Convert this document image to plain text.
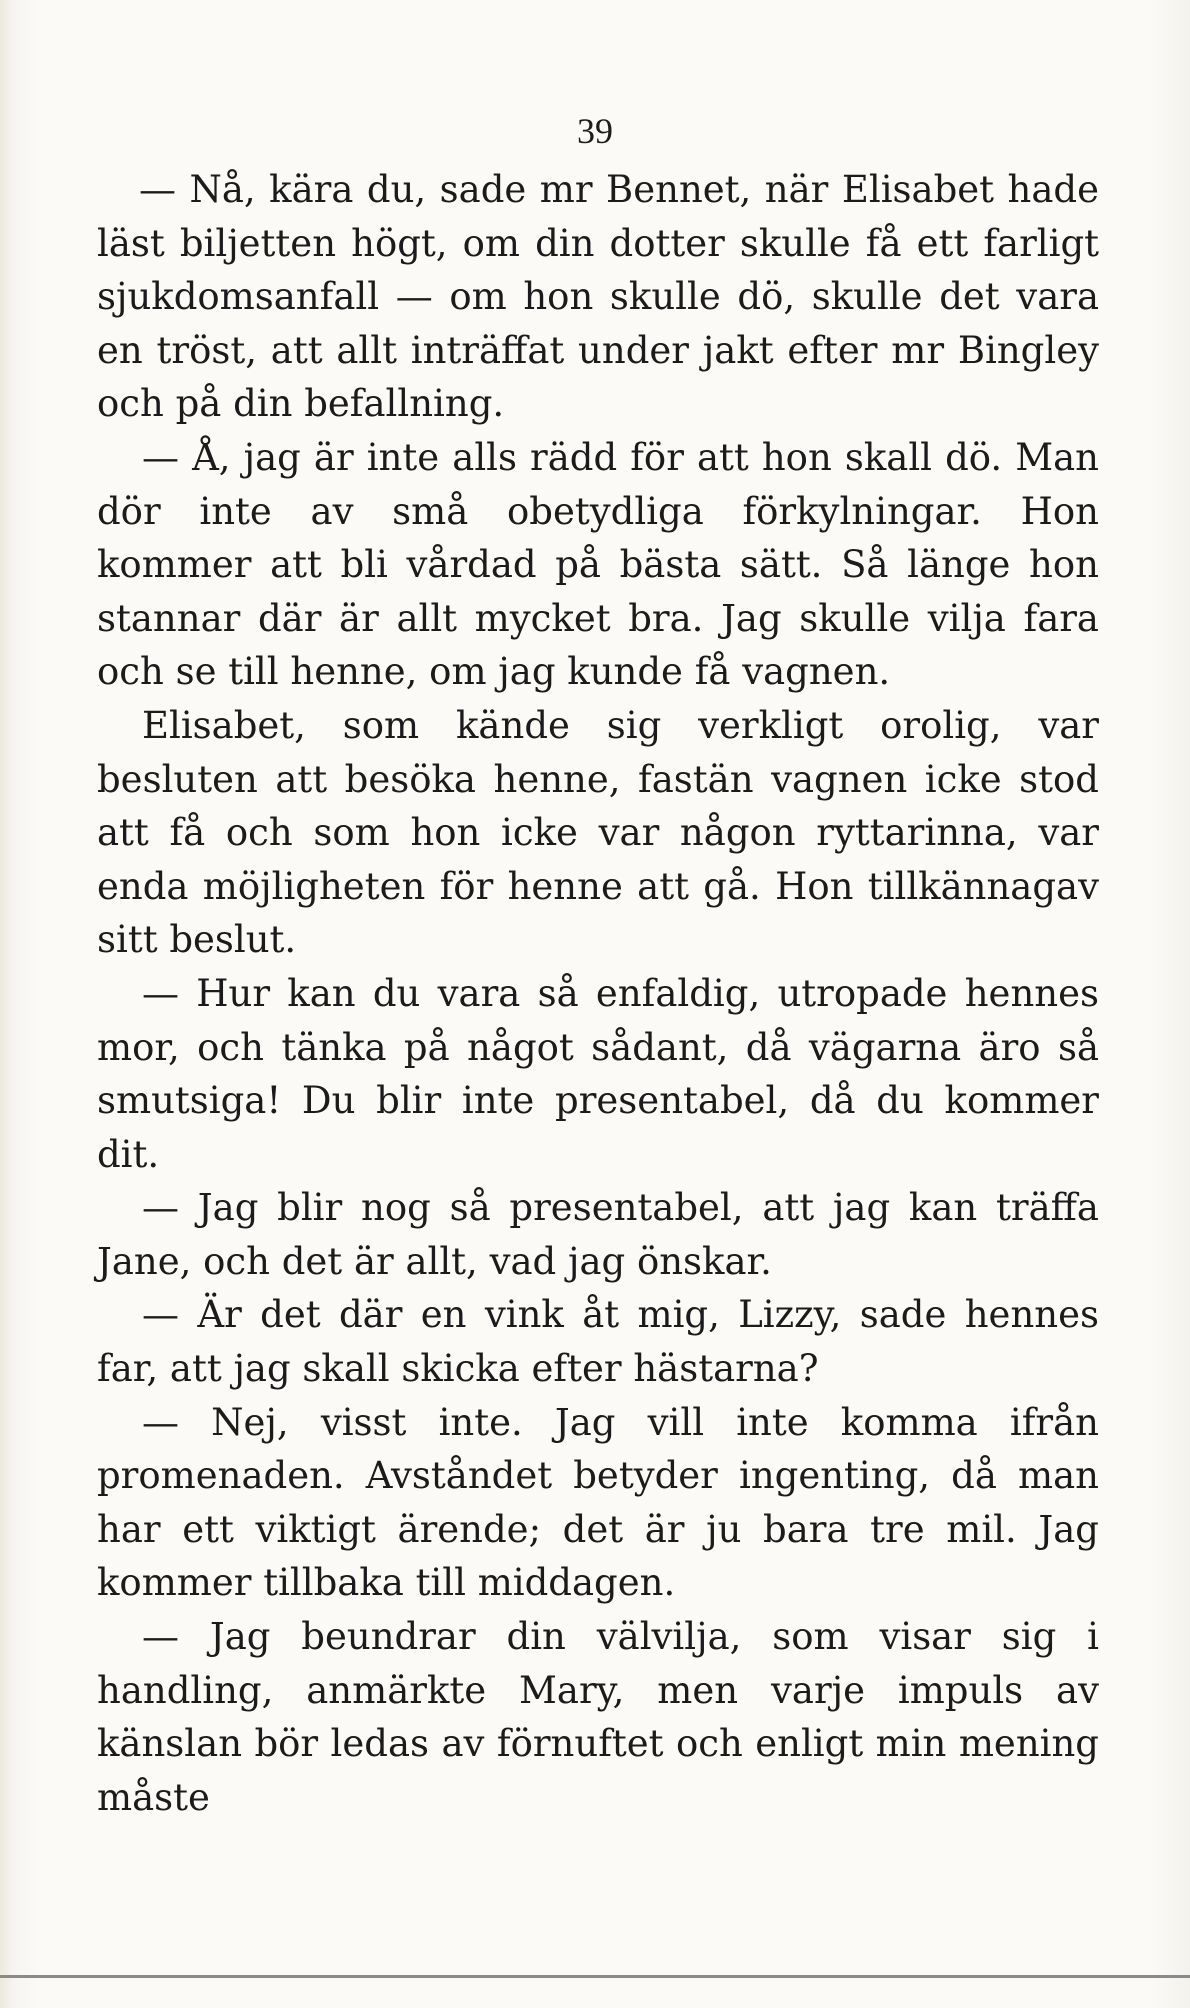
39

— Nå, kära du, sade mr Bennet, när Elisabet hade läst biljetten högt, om din dotter skulle få ett farligt sjukdomsanfall — om hon skulle dö, skulle det vara en tröst, att allt inträffat under jakt efter mr Bingley och på din befallning.

— Å, jag är inte alls rädd för att hon skall dö. Man dör inte av små obetydliga förkylningar. Hon kommer att bli vårdad på bästa sätt. Så länge hon stannar där är allt mycket bra. Jag skulle vilja fara och se till henne, om jag kunde få vagnen.

Elisabet, som kände sig verkligt orolig, var besluten att besöka henne, fastän vagnen icke stod att få och som hon icke var någon ryttarinna, var enda möjligheten för henne att gå. Hon tillkännagav sitt beslut.

— Hur kan du vara så enfaldig, utropade hennes mor, och tänka på något sådant, då vägarna äro så smutsiga! Du blir inte presentabel, då du kommer dit.

— Jag blir nog så presentabel, att jag kan träffa Jane, och det är allt, vad jag önskar.

— Är det där en vink åt mig, Lizzy, sade hennes far, att jag skall skicka efter hästarna?

— Nej, visst inte. Jag vill inte komma ifrån promenaden. Avståndet betyder ingenting, då man har ett viktigt ärende; det är ju bara tre mil. Jag kommer tillbaka till middagen.

— Jag beundrar din välvilja, som visar sig i handling, anmärkte Mary, men varje impuls av känslan bör ledas av förnuftet och enligt min mening måste
